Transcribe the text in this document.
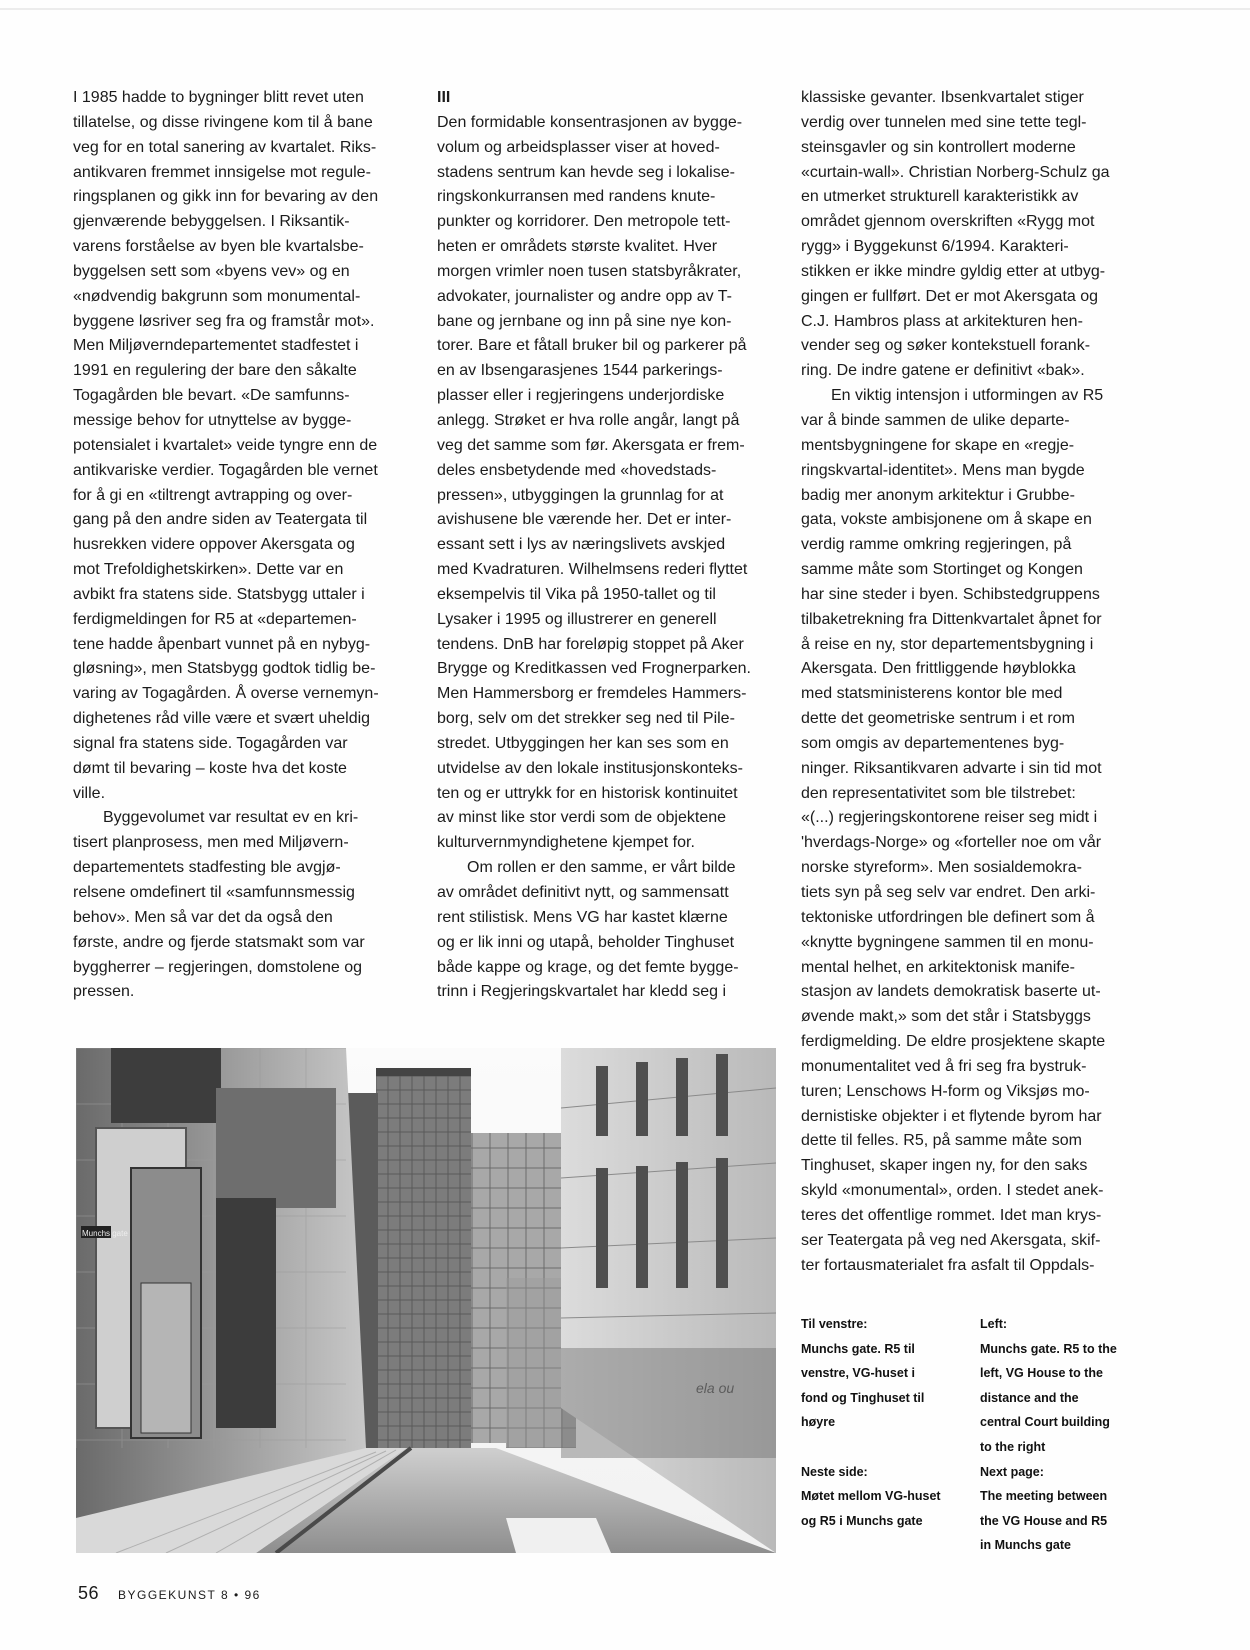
I 1985 hadde to bygninger blitt revet uten
tillatelse, og disse rivingene kom til å bane
veg for en total sanering av kvartalet. Riks-
antikvaren fremmet innsigelse mot regule-
ringsplanen og gikk inn for bevaring av den
gjenværende bebyggelsen. I Riksantik-
varens forståelse av byen ble kvartalsbe-
byggelsen sett som «byens vev» og en
«nødvendig bakgrunn som monumental-
byggene løsriver seg fra og framstår mot».
Men Miljøverndepartementet stadfestet i
1991 en regulering der bare den såkalte
Togagården ble bevart. «De samfunns-
messige behov for utnyttelse av bygge-
potensialet i kvartalet» veide tyngre enn de
antikvariske verdier. Togagården ble vernet
for å gi en «tiltrengt avtrapping og over-
gang på den andre siden av Teatergata til
husrekken videre oppover Akersgata og
mot Trefoldighetskirken». Dette var en
avbikt fra statens side. Statsbygg uttaler i
ferdigmeldingen for R5 at «departemen-
tene hadde åpenbart vunnet på en nybyg-
gløsning», men Statsbygg godtok tidlig be-
varing av Togagården. Å overse vernemyn-
dighetenes råd ville være et svært uheldig
signal fra statens side. Togagården var
dømt til bevaring – koste hva det koste
ville.

Byggevolumet var resultat ev en kri-
tisert planprosess, men med Miljøvern-
departementets stadfesting ble avgjø-
relsene omdefinert til «samfunnsmessig
behov». Men så var det da også den
første, andre og fjerde statsmakt som var
byggherrer – regjeringen, domstolene og
pressen.

III

Den formidable konsentrasjonen av bygge-
volum og arbeidsplasser viser at hoved-
stadens sentrum kan hevde seg i lokalise-
ringskonkurransen med randens knute-
punkter og korridorer. Den metropole tett-
heten er områdets største kvalitet. Hver
morgen vrimler noen tusen statsbyråkrater,
advokater, journalister og andre opp av T-
bane og jernbane og inn på sine nye kon-
torer. Bare et fåtall bruker bil og parkerer på
en av Ibsengarasjenes 1544 parkerings-
plasser eller i regjeringens underjordiske
anlegg. Strøket er hva rolle angår, langt på
veg det samme som før. Akersgata er frem-
deles ensbetydende med «hovedstads-
pressen», utbyggingen la grunnlag for at
avishusene ble værende her. Det er inter-
essant sett i lys av næringslivets avskjed
med Kvadraturen. Wilhelmsens rederi flyttet
eksempelvis til Vika på 1950-tallet og til
Lysaker i 1995 og illustrerer en generell
tendens. DnB har foreløpig stoppet på Aker
Brygge og Kreditkassen ved Frognerparken.
Men Hammersborg er fremdeles Hammers-
borg, selv om det strekker seg ned til Pile-
stredet. Utbyggingen her kan ses som en
utvidelse av den lokale institusjonskonteks-
ten og er uttrykk for en historisk kontinuitet
av minst like stor verdi som de objektene
kulturvernmyndighetene kjempet for.

Om rollen er den samme, er vårt bilde
av området definitivt nytt, og sammensatt
rent stilistisk. Mens VG har kastet klærne
og er lik inni og utapå, beholder Tinghuset
både kappe og krage, og det femte bygge-
trinn i Regjeringskvartalet har kledd seg i

klassiske gevanter. Ibsenkvartalet stiger
verdig over tunnelen med sine tette tegl-
steinsgavler og sin kontrollert moderne
«curtain-wall». Christian Norberg-Schulz ga
en utmerket strukturell karakteristikk av
området gjennom overskriften «Rygg mot
rygg» i Byggekunst 6/1994. Karakteri-
stikken er ikke mindre gyldig etter at utbyg-
gingen er fullført. Det er mot Akersgata og
C.J. Hambros plass at arkitekturen hen-
vender seg og søker kontekstuell forank-
ring. De indre gatene er definitivt «bak».

En viktig intensjon i utformingen av R5
var å binde sammen de ulike departe-
mentsbygningene for skape en «regje-
ringskvartal-identitet». Mens man bygde
badig mer anonym arkitektur i Grubbe-
gata, vokste ambisjonene om å skape en
verdig ramme omkring regjeringen, på
samme måte som Stortinget og Kongen
har sine steder i byen. Schibstedgruppens
tilbaketrekning fra Dittenkvartalet åpnet for
å reise en ny, stor departementsbygning i
Akersgata. Den frittliggende høyblokka
med statsministerens kontor ble med
dette det geometriske sentrum i et rom
som omgis av departementenes byg-
ninger. Riksantikvaren advarte i sin tid mot
den representativitet som ble tilstrebet:
«(...) regjeringskontorene reiser seg midt i
'hverdags-Norge» og «forteller noe om vår
norske styreform». Men sosialdemokra-
tiets syn på seg selv var endret. Den arki-
tektoniske utfordringen ble definert som å
«knytte bygningene sammen til en monu-
mental helhet, en arkitektonisk manife-
stasjon av landets demokratisk baserte ut-
øvende makt,» som det står i Statsbyggs
ferdigmelding. De eldre prosjektene skapte
monumentalitet ved å fri seg fra bystruk-
turen; Lenschows H-form og Viksjøs mo-
dernistiske objekter i et flytende byrom har
dette til felles. R5, på samme måte som
Tinghuset, skaper ingen ny, for den saks
skyld «monumental», orden. I stedet anek-
teres det offentlige rommet. Idet man krys-
ser Teatergata på veg ned Akersgata, skif-
ter fortausmaterialet fra asfalt til Oppdals-

Munchs gate
ela ou
Til venstre:
Munchs gate. R5 til
venstre, VG-huset i
fond og Tinghuset til
høyre
Neste side:
Møtet mellom VG-huset
og R5 i Munchs gate
Left:
Munchs gate. R5 to the
left, VG House to the
distance and the
central Court building
to the right
Next page:
The meeting between
the VG House and R5
in Munchs gate
56 BYGGEKUNST 8 • 96
